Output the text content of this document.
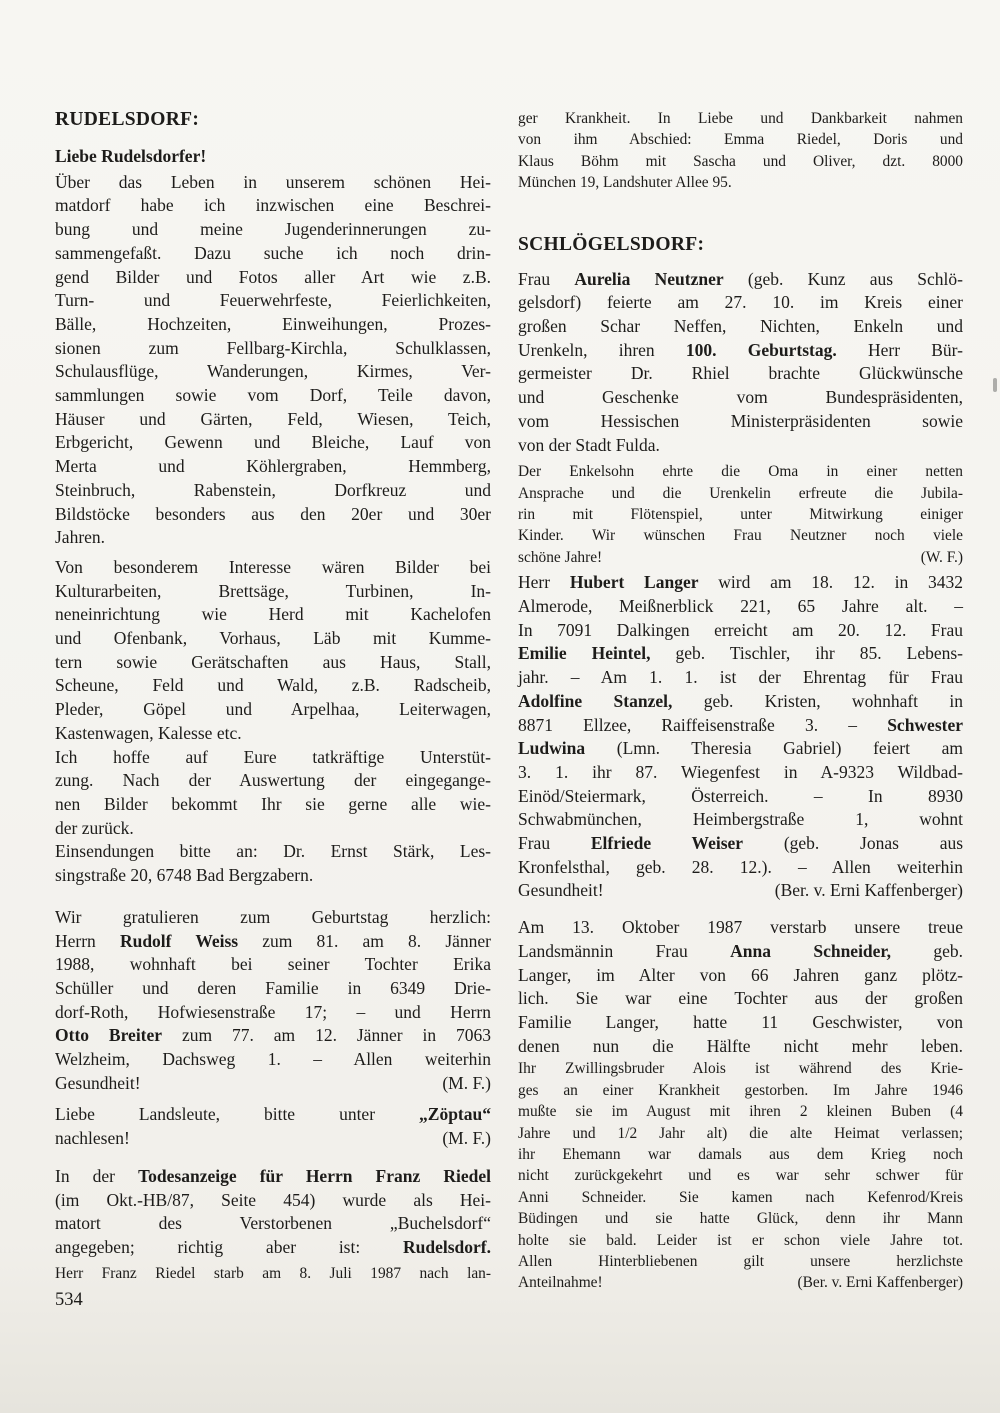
RUDELSDORF:
Liebe Rudelsdorfer!
Über das Leben in unserem schönen Hei-
matdorf habe ich inzwischen eine Beschrei-
bung und meine Jugenderinnerungen zu-
sammengefaßt. Dazu suche ich noch drin-
gend Bilder und Fotos aller Art wie z.B.
Turn- und Feuerwehrfeste, Feierlichkeiten,
Bälle, Hochzeiten, Einweihungen, Prozes-
sionen zum Fellbarg-Kirchla, Schulklassen,
Schulausflüge, Wanderungen, Kirmes, Ver-
sammlungen sowie vom Dorf, Teile davon,
Häuser und Gärten, Feld, Wiesen, Teich,
Erbgericht, Gewenn und Bleiche, Lauf von
Merta und Köhlergraben, Hemmberg,
Steinbruch, Rabenstein, Dorfkreuz und
Bildstöcke besonders aus den 20er und 30er
Jahren.
Von besonderem Interesse wären Bilder bei
Kulturarbeiten, Brettsäge, Turbinen, In-
neneinrichtung wie Herd mit Kachelofen
und Ofenbank, Vorhaus, Läb mit Kumme-
tern sowie Gerätschaften aus Haus, Stall,
Scheune, Feld und Wald, z.B. Radscheib,
Pleder, Göpel und Arpelhaa, Leiterwagen,
Kastenwagen, Kalesse etc.
Ich hoffe auf Eure tatkräftige Unterstüt-
zung. Nach der Auswertung der eingegange-
nen Bilder bekommt Ihr sie gerne alle wie-
der zurück.
Einsendungen bitte an: Dr. Ernst Stärk, Les-
singstraße 20, 6748 Bad Bergzabern.
Wir gratulieren zum Geburtstag herzlich:
Herrn Rudolf Weiss zum 81. am 8. Jänner
1988, wohnhaft bei seiner Tochter Erika
Schüller und deren Familie in 6349 Drie-
dorf-Roth, Hofwiesenstraße 17; – und Herrn
Otto Breiter zum 77. am 12. Jänner in 7063
Welzheim, Dachsweg 1. – Allen weiterhin
Gesundheit!	(M. F.)
Liebe Landsleute, bitte unter „Zöptau“
nachlesen!	(M. F.)
In der Todesanzeige für Herrn Franz Riedel
(im Okt.-HB/87, Seite 454) wurde als Hei-
matort des Verstorbenen „Buchelsdorf“
angegeben; richtig aber ist: Rudelsdorf.
Herr Franz Riedel starb am 8. Juli 1987 nach lan-
ger Krankheit. In Liebe und Dankbarkeit nahmen
von ihm Abschied: Emma Riedel, Doris und
Klaus Böhm mit Sascha und Oliver, dzt. 8000
München 19, Landshuter Allee 95.
SCHLÖGELSDORF:
Frau Aurelia Neutzner (geb. Kunz aus Schlö-
gelsdorf) feierte am 27. 10. im Kreis einer
großen Schar Neffen, Nichten, Enkeln und
Urenkeln, ihren 100. Geburtstag. Herr Bür-
germeister Dr. Rhiel brachte Glückwünsche
und Geschenke vom Bundespräsidenten,
vom Hessischen Ministerpräsidenten sowie
von der Stadt Fulda.
Der Enkelsohn ehrte die Oma in einer netten
Ansprache und die Urenkelin erfreute die Jubila-
rin mit Flötenspiel, unter Mitwirkung einiger
Kinder. Wir wünschen Frau Neutzner noch viele
schöne Jahre!	(W. F.)
Herr Hubert Langer wird am 18. 12. in 3432
Almerode, Meißnerblick 221, 65 Jahre alt. –
In 7091 Dalkingen erreicht am 20. 12. Frau
Emilie Heintel, geb. Tischler, ihr 85. Lebens-
jahr. – Am 1. 1. ist der Ehrentag für Frau
Adolfine Stanzel, geb. Kristen, wohnhaft in
8871 Ellzee, Raiffeisenstraße 3. – Schwester
Ludwina (Lmn. Theresia Gabriel) feiert am
3. 1. ihr 87. Wiegenfest in A-9323 Wildbad-
Einöd/Steiermark, Österreich. – In 8930
Schwabmünchen, Heimbergstraße 1, wohnt
Frau Elfriede Weiser (geb. Jonas aus
Kronfelsthal, geb. 28. 12.). – Allen weiterhin
Gesundheit!	(Ber. v. Erni Kaffenberger)
Am 13. Oktober 1987 verstarb unsere treue
Landsmännin Frau Anna Schneider, geb.
Langer, im Alter von 66 Jahren ganz plötz-
lich. Sie war eine Tochter aus der großen
Familie Langer, hatte 11 Geschwister, von
denen nun die Hälfte nicht mehr leben.
Ihr Zwillingsbruder Alois ist während des Krie-
ges an einer Krankheit gestorben. Im Jahre 1946
mußte sie im August mit ihren 2 kleinen Buben (4
Jahre und 1/2 Jahr alt) die alte Heimat verlassen;
ihr Ehemann war damals aus dem Krieg noch
nicht zurückgekehrt und es war sehr schwer für
Anni Schneider. Sie kamen nach Kefenrod/Kreis
Büdingen und sie hatte Glück, denn ihr Mann
holte sie bald. Leider ist er schon viele Jahre tot.
Allen Hinterbliebenen gilt unsere herzlichste
Anteilnahme!	(Ber. v. Erni Kaffenberger)
534
